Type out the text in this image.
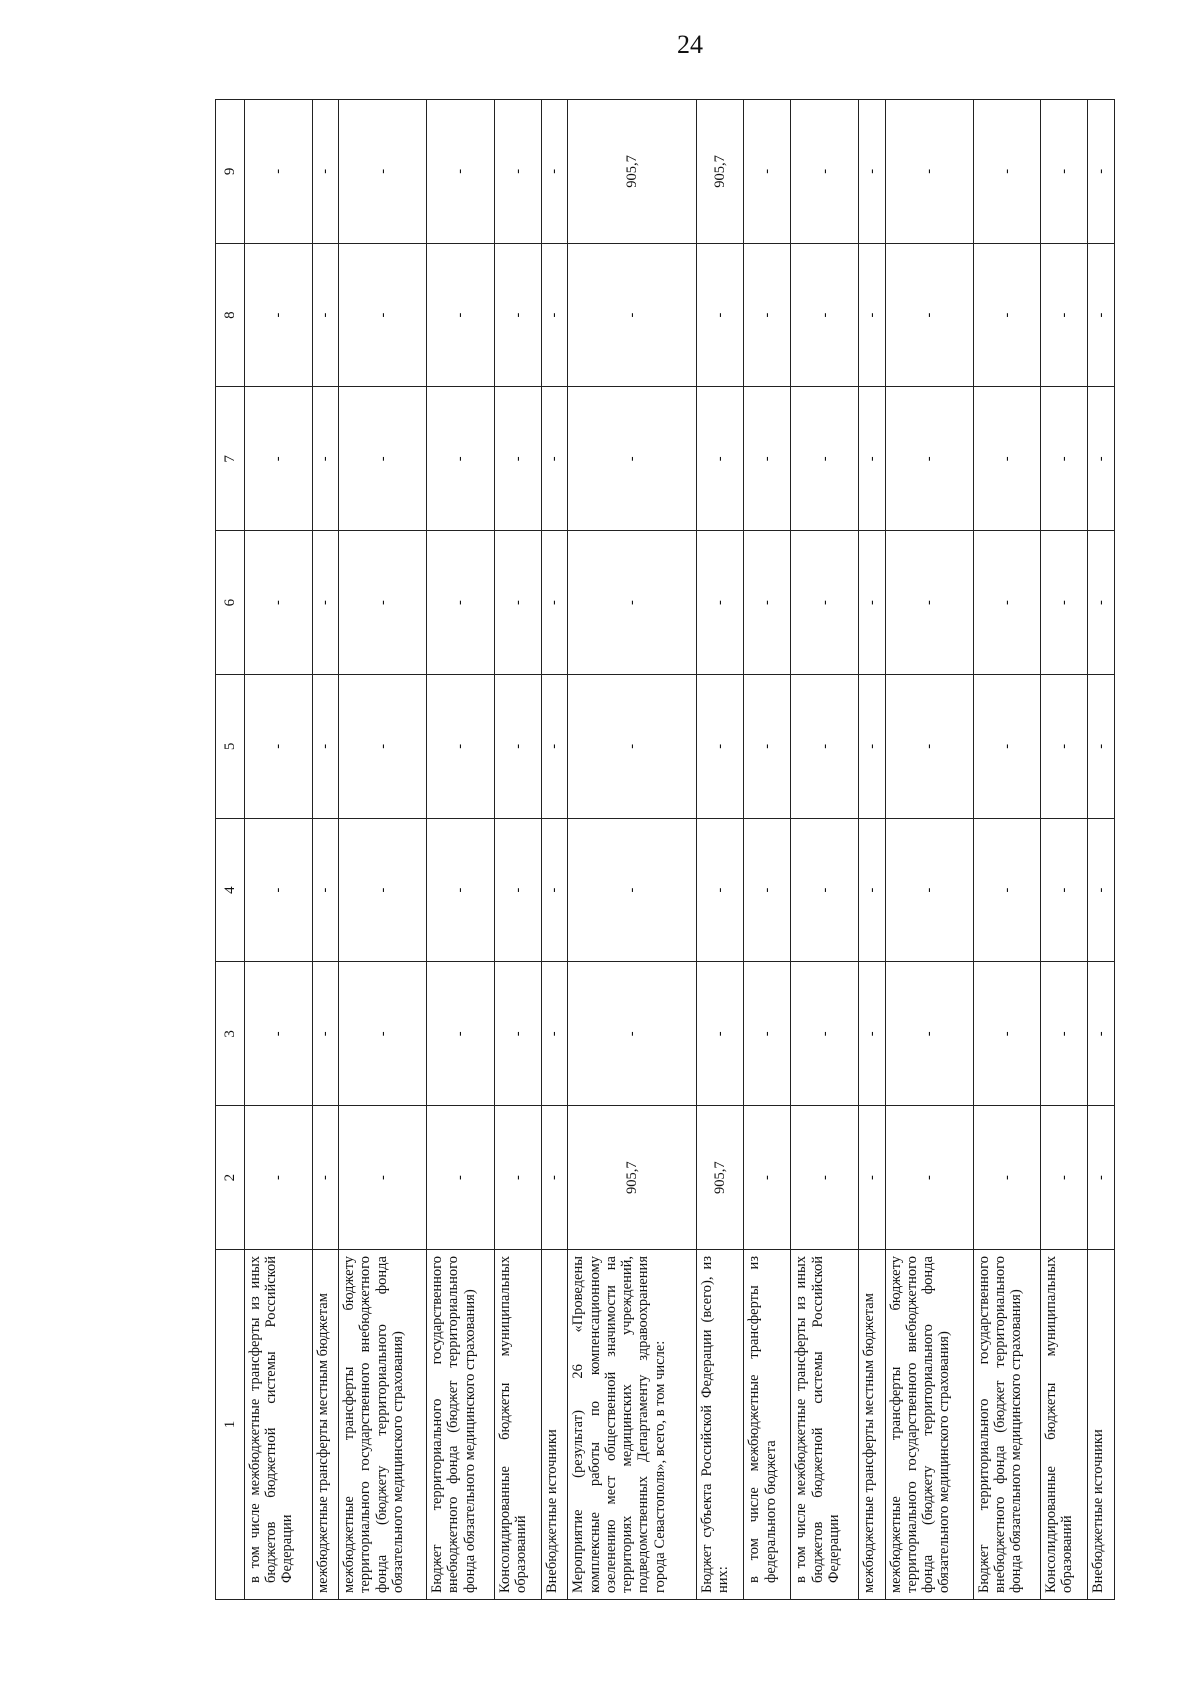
24
1	2	3	4	5	6	7	8	9
в том числе межбюджетные трансферты из иных бюджетов бюджетной системы Российской Федерации	-	-	-	-	-	-	-	-
межбюджетные трансферты местным бюджетам	-	-	-	-	-	-	-	-
межбюджетные трансферты бюджету территориального государственного внебюджетного фонда (бюджету территориального фонда обязательного медицинского страхования)	-	-	-	-	-	-	-	-
Бюджет территориального государственного внебюджетного фонда (бюджет территориального фонда обязательного медицинского страхования)	-	-	-	-	-	-	-	-
Консолидированные бюджеты муниципальных образований	-	-	-	-	-	-	-	-
Внебюджетные источники	-	-	-	-	-	-	-	-
Мероприятие (результат) 26 «Проведены комплексные работы по компенсационному озеленению мест общественной значимости на территориях медицинских учреждений, подведомственных Департаменту здравоохранения города Севастополя», всего, в том числе:	905,7	-	-	-	-	-	-	905,7
Бюджет субъекта Российской Федерации (всего), из них:	905,7	-	-	-	-	-	-	905,7
в том числе межбюджетные трансферты из федерального бюджета	-	-	-	-	-	-	-	-
в том числе межбюджетные трансферты из иных бюджетов бюджетной системы Российской Федерации	-	-	-	-	-	-	-	-
межбюджетные трансферты местным бюджетам	-	-	-	-	-	-	-	-
межбюджетные трансферты бюджету территориального государственного внебюджетного фонда (бюджету территориального фонда обязательного медицинского страхования)	-	-	-	-	-	-	-	-
Бюджет территориального государственного внебюджетного фонда (бюджет территориального фонда обязательного медицинского страхования)	-	-	-	-	-	-	-	-
Консолидированные бюджеты муниципальных образований	-	-	-	-	-	-	-	-
Внебюджетные источники	-	-	-	-	-	-	-	-
